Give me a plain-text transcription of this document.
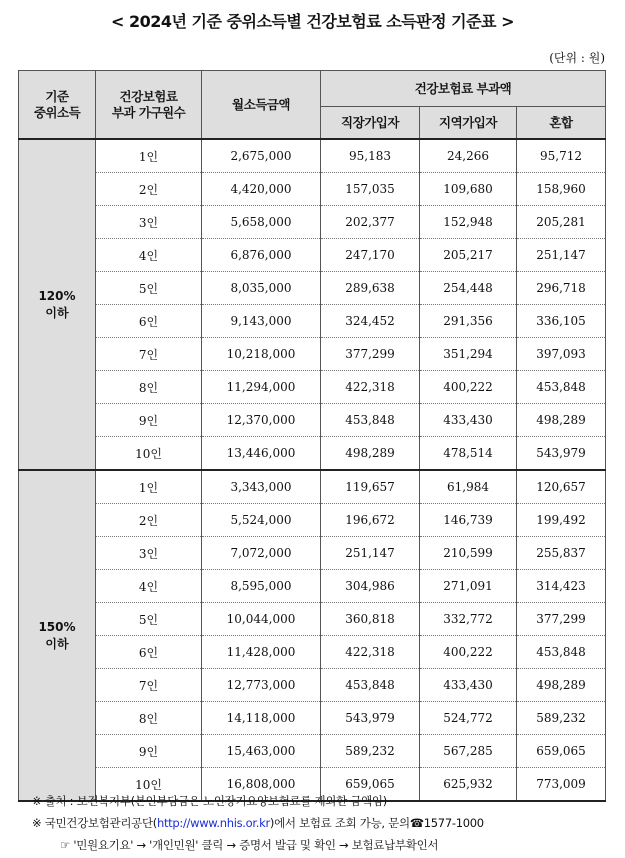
< 2024년 기준 중위소득별 건강보험료 소득판정 기준표 >
(단위 : 원)
기준
중위소득	건강보험료
부과 가구원수	월소득금액	건강보험료 부과액		
			직장가입자	지역가입자	혼합
120%
이하	1인	2,675,000	95,183	24,266	95,712
	2인	4,420,000	157,035	109,680	158,960
	3인	5,658,000	202,377	152,948	205,281
	4인	6,876,000	247,170	205,217	251,147
	5인	8,035,000	289,638	254,448	296,718
	6인	9,143,000	324,452	291,356	336,105
	7인	10,218,000	377,299	351,294	397,093
	8인	11,294,000	422,318	400,222	453,848
	9인	12,370,000	453,848	433,430	498,289
	10인	13,446,000	498,289	478,514	543,979
150%
이하	1인	3,343,000	119,657	61,984	120,657
	2인	5,524,000	196,672	146,739	199,492
	3인	7,072,000	251,147	210,599	255,837
	4인	8,595,000	304,986	271,091	314,423
	5인	10,044,000	360,818	332,772	377,299
	6인	11,428,000	422,318	400,222	453,848
	7인	12,773,000	453,848	433,430	498,289
	8인	14,118,000	543,979	524,772	589,232
	9인	15,463,000	589,232	567,285	659,065
	10인	16,808,000	659,065	625,932	773,009
※ 출처 : 보건복지부(본인부담금은 노인장기요양보험료를 제외한 금액임)
※ 국민건강보험관리공단(http://www.nhis.or.kr)에서 보험료 조회 가능, 문의☎1577-1000
☞ '민원요기요' → '개인민원' 클릭 → 증명서 발급 및 확인 → 보험료납부확인서
